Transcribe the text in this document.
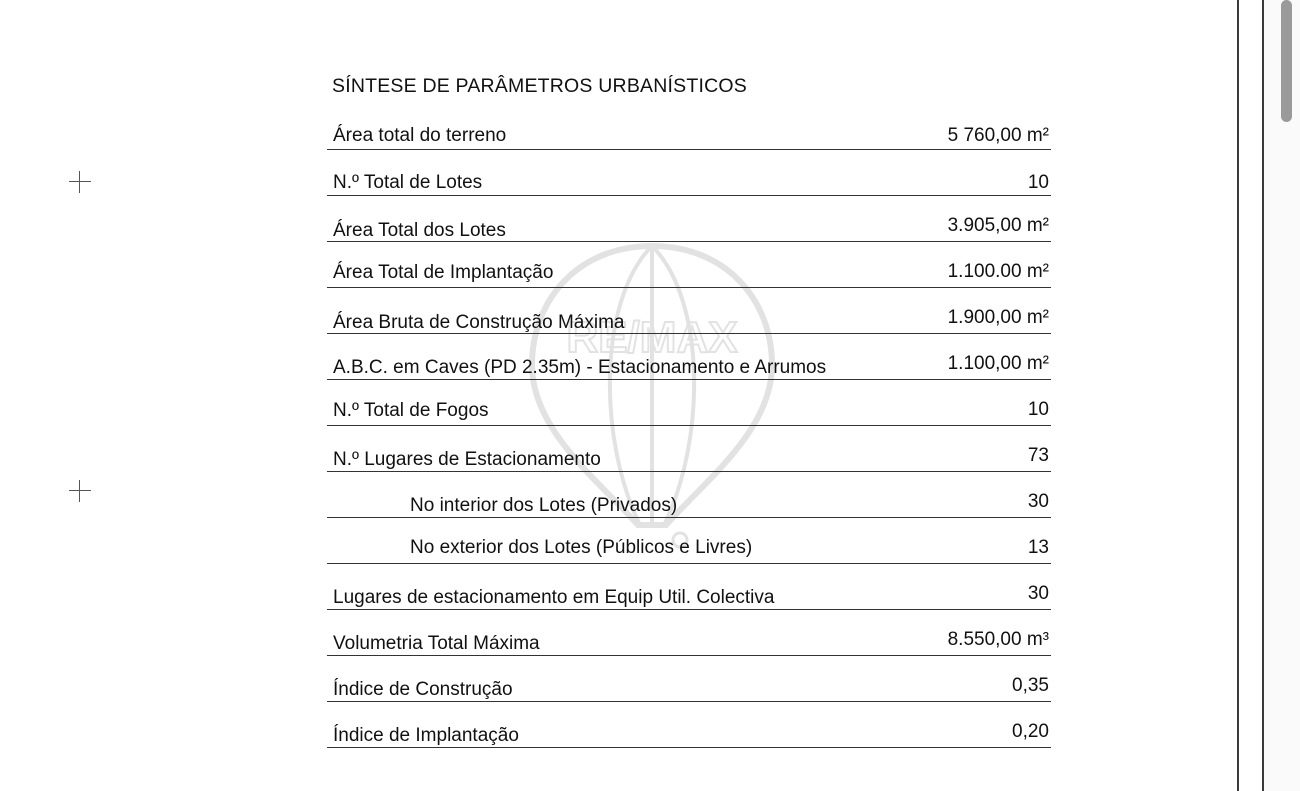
RE/MAX
SÍNTESE DE PARÂMETROS URBANÍSTICOS
Área total do terreno	5 760,00 m²
N.º Total de Lotes	10
Área Total dos Lotes	3.905,00 m²
Área Total de Implantação	1.100.00 m²
Área Bruta de Construção Máxima	1.900,00 m²
A.B.C. em Caves (PD 2.35m) - Estacionamento e Arrumos	1.100,00 m²
N.º Total de Fogos	10
N.º Lugares de Estacionamento	73
No interior dos Lotes (Privados)	30
No exterior dos Lotes (Públicos e Livres)	13
Lugares de estacionamento em Equip Util. Colectiva	30
Volumetria Total Máxima	8.550,00 m³
Índice de Construção	0,35
Índice de Implantação	0,20
